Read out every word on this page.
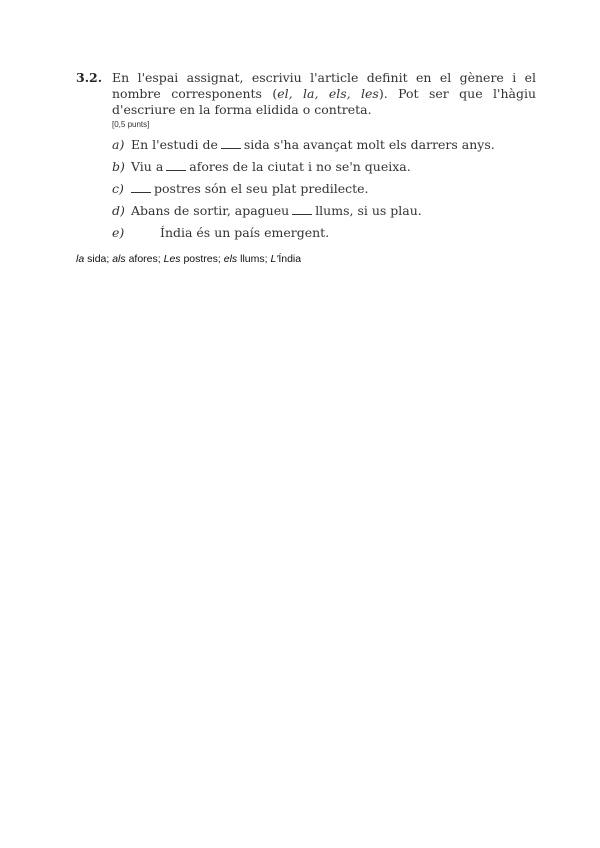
3.2. En l'espai assignat, escriviu l'article definit en el gènere i el nombre corresponents (el, la, els, les). Pot ser que l'hàgiu d'escriure en la forma elidida o contreta.
[0,5 punts]
a) En l'estudi de sida s'ha avançat molt els darrers anys.
b) Viu a afores de la ciutat i no se'n queixa.
c)	postres són el seu plat predilecte.
d) Abans de sortir, apagueu llums, si us plau.
e)	Índia és un país emergent.
la sida; als afores; Les postres; els llums; L'Índia
